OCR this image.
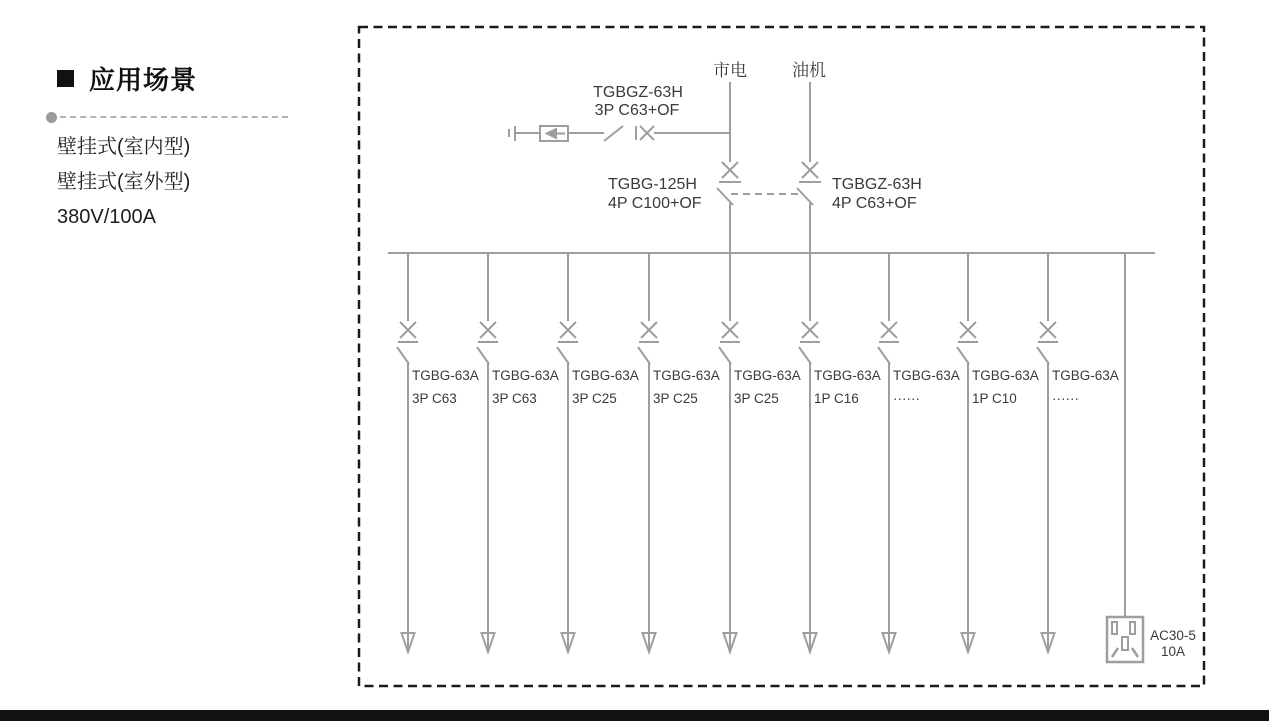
应用场景
壁挂式(室内型)
壁挂式(室外型)
380V/100A
市电
TGBG-125H
4P C100+OF
油机
TGBGZ-63H
4P C63+OF
TGBGZ-63H
3P C63+OF
TGBG-63A
3P C63
TGBG-63A
3P C63
TGBG-63A
3P C25
TGBG-63A
3P C25
TGBG-63A
3P C25
TGBG-63A
1P C16
TGBG-63A
······
TGBG-63A
1P C10
TGBG-63A
······
AC30-5
10A
